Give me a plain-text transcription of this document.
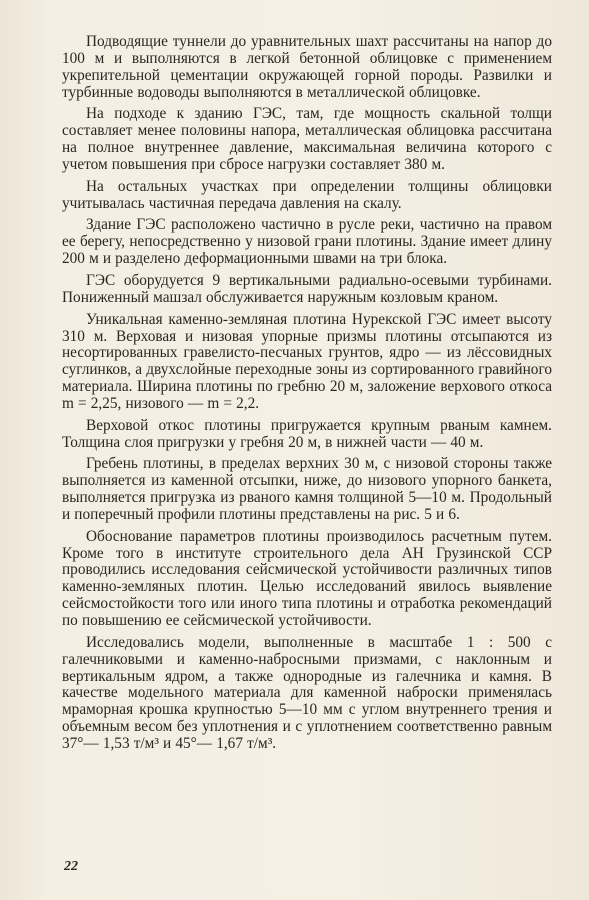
Подводящие туннели до уравнительных шахт рассчитаны на напор до 100 м и выполняются в легкой бетонной облицовке с применением укрепительной цементации окружающей горной породы. Развилки и турбинные водоводы выполняются в металлической облицовке.

На подходе к зданию ГЭС, там, где мощность скальной толщи составляет менее половины напора, металлическая облицовка рассчитана на полное внутреннее давление, максимальная величина которого с учетом повышения при сбросе нагрузки составляет 380 м.

На остальных участках при определении толщины облицовки учитывалась частичная передача давления на скалу.

Здание ГЭС расположено частично в русле реки, частично на правом ее берегу, непосредственно у низовой грани плотины. Здание имеет длину 200 м и разделено деформационными швами на три блока.

ГЭС оборудуется 9 вертикальными радиально-осевыми турбинами. Пониженный машзал обслуживается наружным козловым краном.

Уникальная каменно-земляная плотина Нурекской ГЭС имеет высоту 310 м. Верховая и низовая упорные призмы плотины отсыпаются из несортированных гравелисто-песчаных грунтов, ядро — из лёссовидных суглинков, а двухслойные переходные зоны из сортированного гравийного материала. Ширина плотины по гребню 20 м, заложение верхового откоса m = 2,25, низового — m = 2,2.

Верховой откос плотины пригружается крупным рваным камнем. Толщина слоя пригрузки у гребня 20 м, в нижней части — 40 м.

Гребень плотины, в пределах верхних 30 м, с низовой стороны также выполняется из каменной отсыпки, ниже, до низового упорного банкета, выполняется пригрузка из рваного камня толщиной 5—10 м. Продольный и поперечный профили плотины представлены на рис. 5 и 6.

Обоснование параметров плотины производилось расчетным путем. Кроме того в институте строительного дела АН Грузинской ССР проводились исследования сейсмической устойчивости различных типов каменно-земляных плотин. Целью исследований явилось выявление сейсмостойкости того или иного типа плотины и отработка рекомендаций по повышению ее сейсмической устойчивости.

Исследовались модели, выполненные в масштабе 1 : 500 с галечниковыми и каменно-набросными призмами, с наклонным и вертикальным ядром, а также однородные из галечника и камня. В качестве модельного материала для каменной наброски применялась мраморная крошка крупностью 5—10 мм с углом внутреннего трения и объемным весом без уплотнения и с уплотнением соответственно равным 37°— 1,53 т/м³ и 45°— 1,67 т/м³.

22
